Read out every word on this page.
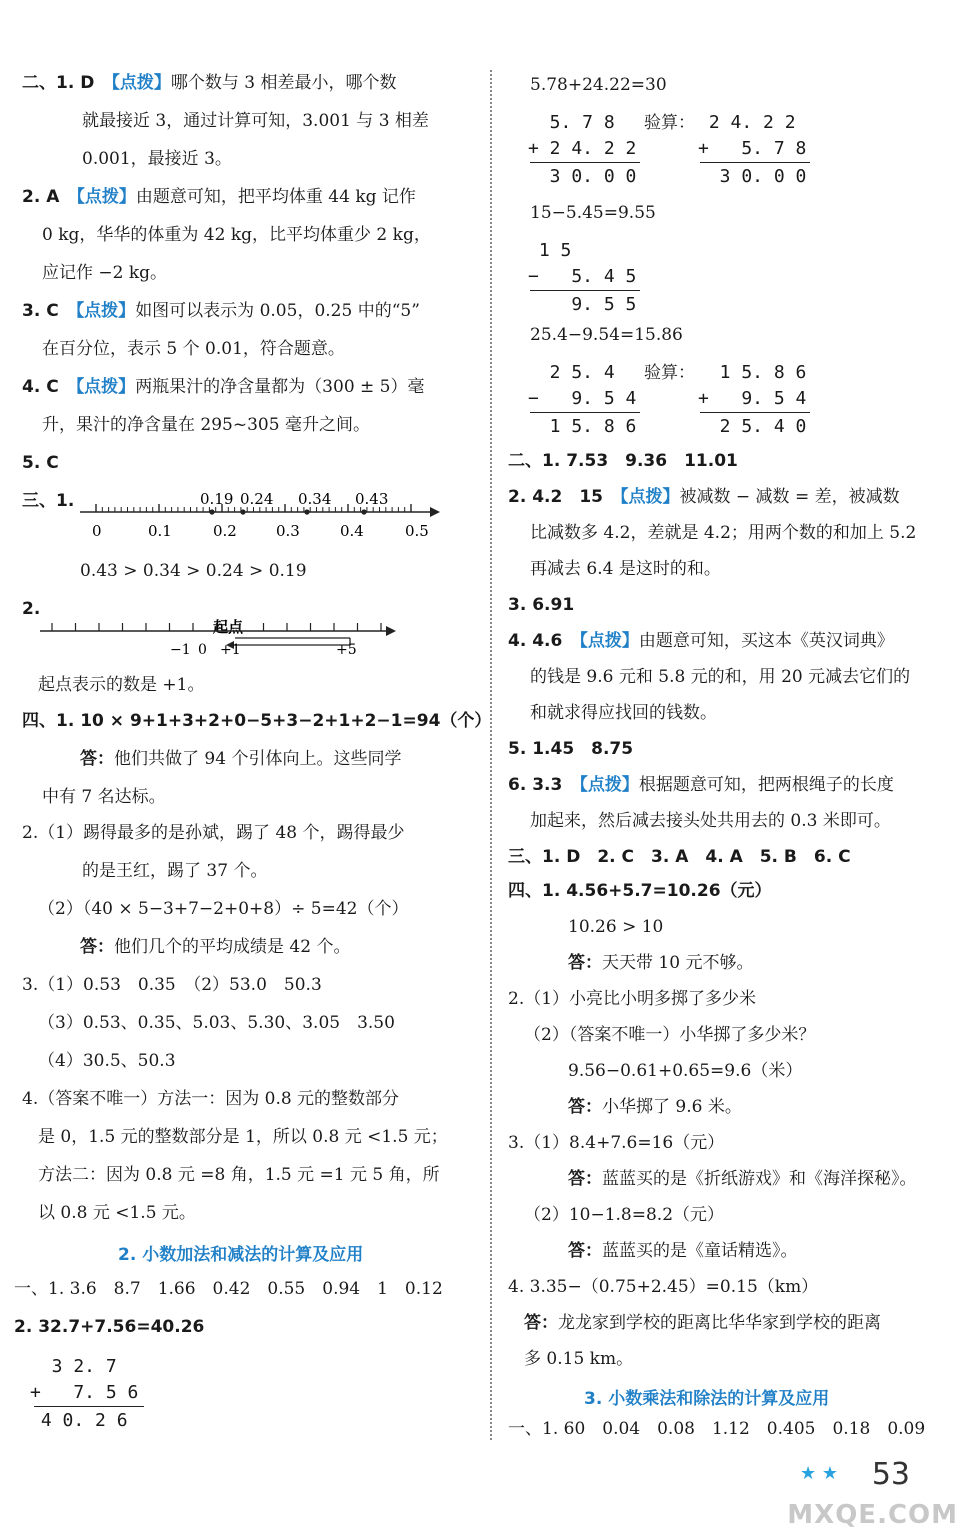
二、1. D　 【点拨】哪个数与 3 相差最小，哪个数
就最接近 3，通过计算可知，3.001 与 3 相差
0.001，最接近 3。
2. A　 【点拨】由题意可知，把平均体重 44 kg 记作
0 kg，华华的体重为 42 kg，比平均体重少 2 kg，
应记作 −2 kg。
3. C　 【点拨】如图可以表示为 0.05，0.25 中的“5”
在百分位，表示 5 个 0.01，符合题意。
4. C　 【点拨】两瓶果汁的净含量都为（300 ± 5）毫
升，果汁的净含量在 295~305 毫升之间。
5. C
三、1.	0.19 0.24 0.34 0.43
0	0.1	0.2	0.3	0.4	0.5
0.43 > 0.34 > 0.24 > 0.19
2.
起点
−1 0 +1	+5
起点表示的数是 +1。
四、1. 10 × 9+1+3+2+0−5+3−2+1+2−1=94（个）
答：他们共做了 94 个引体向上。这些同学
中有 7 名达标。
2.（1）踢得最多的是孙斌，踢了 48 个，踢得最少
的是王红，踢了 37 个。
（2）（40 × 5−3+7−2+0+8）÷ 5=42（个）
答：他们几个的平均成绩是 42 个。
3.（1）0.53　0.35　（2）53.0　50.3
（3）0.53、0.35、5.03、5.30、3.05　3.50
（4）30.5、50.3
4.（答案不唯一）方法一：因为 0.8 元的整数部分
是 0，1.5 元的整数部分是 1，所以 0.8 元 <1.5 元；
方法二：因为 0.8 元 =8 角，1.5 元 =1 元 5 角，所
以 0.8 元 <1.5 元。
2. 小数加法和减法的计算及应用
一、1. 3.6　8.7　1.66　0.42　0.55　0.94　1　0.12
2. 32.7+7.56=40.26
3 2. 7
+   7. 5 6
4 0. 2 6
5.78+24.22=30
5. 7 8
+ 2 4. 2 2
3 0. 0 0
验算： 2 4. 2 2
+   5. 7 8
3 0. 0 0
15−5.45=9.55
1 5
−   5. 4 5
9. 5 5
25.4−9.54=15.86
2 5. 4
−   9. 5 4
1 5. 8 6
验算： 1 5. 8 6
+   9. 5 4
2 5. 4 0
二、1. 7.53　9.36　11.01
2. 4.2　15　 【点拨】被减数 − 减数 = 差，被减数
比减数多 4.2，差就是 4.2；用两个数的和加上 5.2
再减去 6.4 是这时的和。
3. 6.91
4. 4.6　 【点拨】由题意可知，买这本《英汉词典》
的钱是 9.6 元和 5.8 元的和，用 20 元减去它们的
和就求得应找回的钱数。
5. 1.45　8.75
6. 3.3　 【点拨】根据题意可知，把两根绳子的长度
加起来，然后减去接头处共用去的 0.3 米即可。
三、1. D　2. C　3. A　4. A　5. B　6. C
四、1. 4.56+5.7=10.26（元）
10.26 > 10
答：天天带 10 元不够。
2.（1）小亮比小明多掷了多少米
（2）（答案不唯一）小华掷了多少米？
9.56−0.61+0.65=9.6（米）
答：小华掷了 9.6 米。
3.（1）8.4+7.6=16（元）
答：蓝蓝买的是《折纸游戏》和《海洋探秘》。
（2）10−1.8=8.2（元）
答：蓝蓝买的是《童话精选》。
4. 3.35−（0.75+2.45）=0.15（km）
答：龙龙家到学校的距离比华华家到学校的距离
多 0.15 km。
3. 小数乘法和除法的计算及应用
一、1. 60　0.04　0.08　1.12　0.405　0.18　0.09
★ ★ 53
MXQE.COM
